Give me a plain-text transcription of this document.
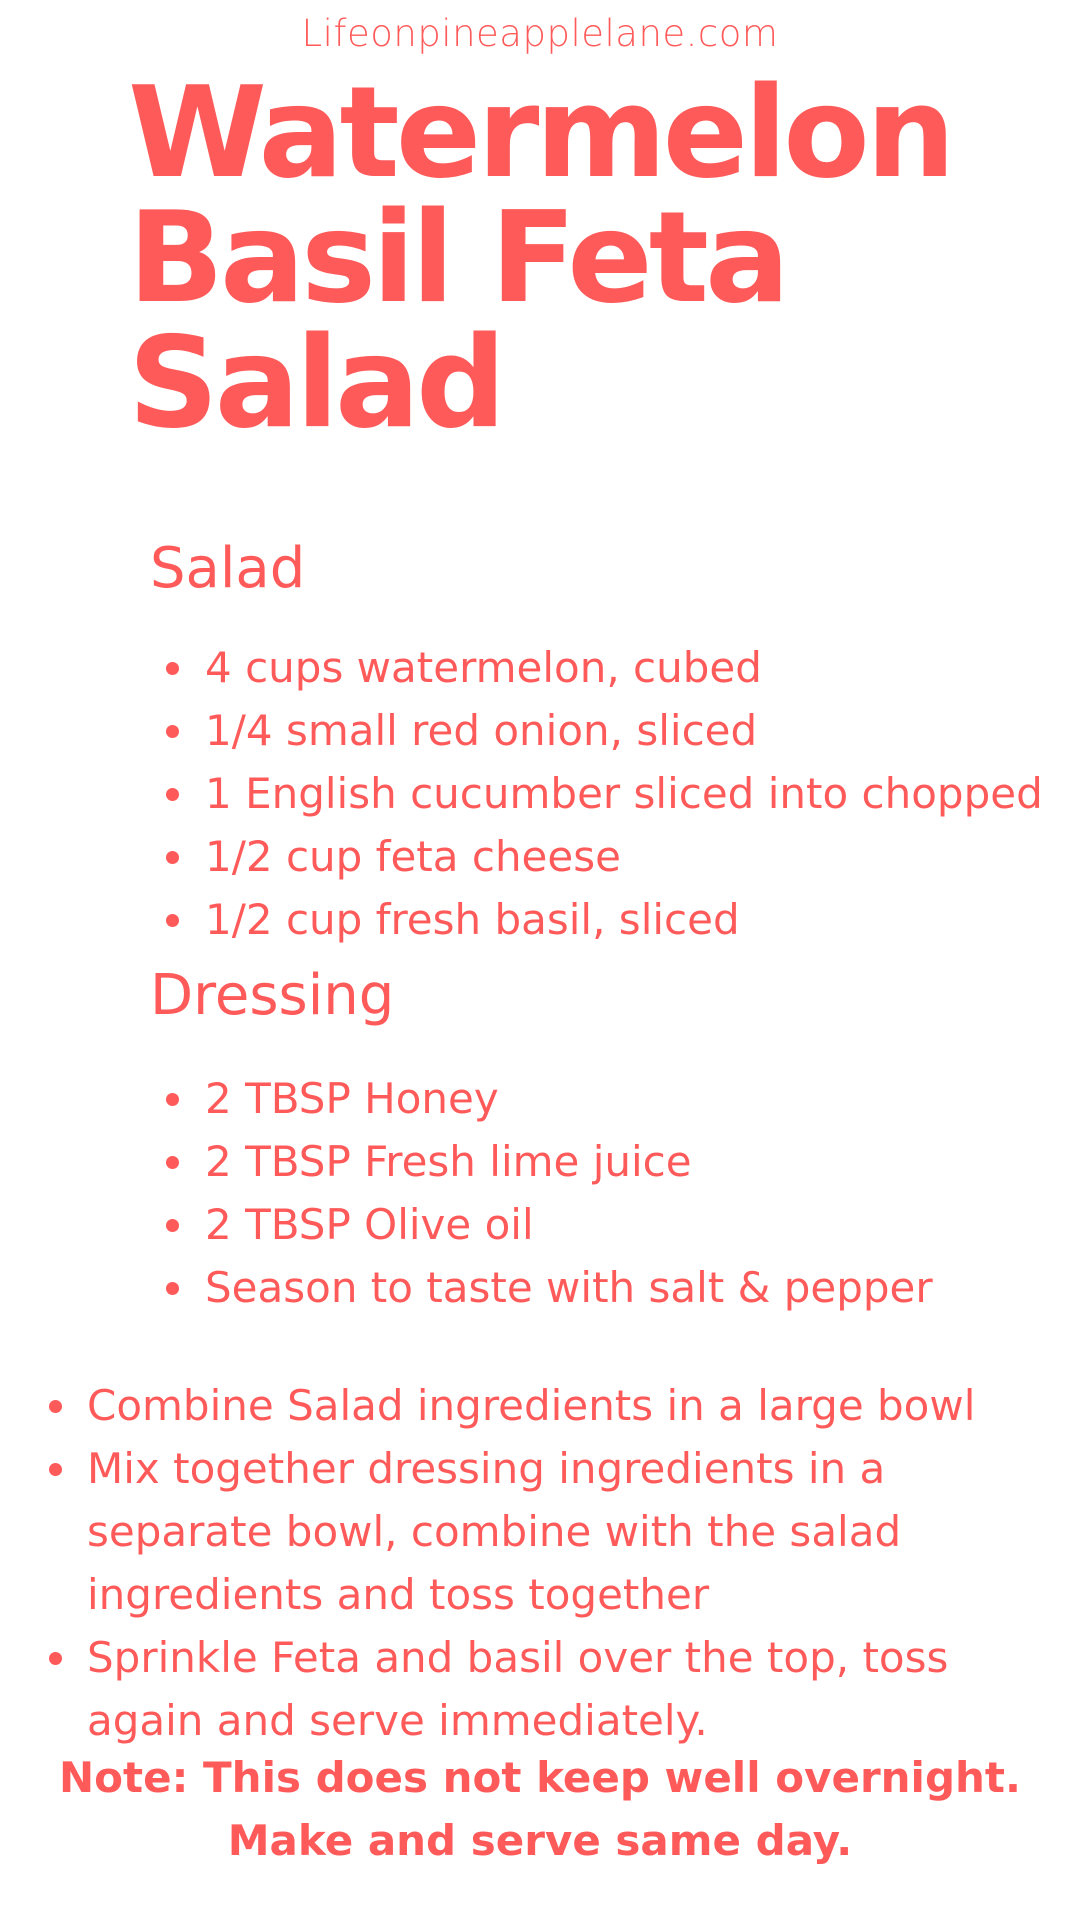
Lifeonpineapplelane.com
Watermelon
Basil Feta
Salad
Salad
4 cups watermelon, cubed
1/4 small red onion, sliced
1 English cucumber sliced into chopped
1/2 cup feta cheese
1/2 cup fresh basil, sliced
Dressing
2 TBSP Honey
2 TBSP Fresh lime juice
2 TBSP Olive oil
Season to taste with salt & pepper
Combine Salad ingredients in a large bowl
Mix together dressing ingredients in a separate bowl, combine with the salad ingredients and toss together
Sprinkle Feta and basil over the top, toss again and serve immediately.
Note: This does not keep well overnight.
Make and serve same day.
